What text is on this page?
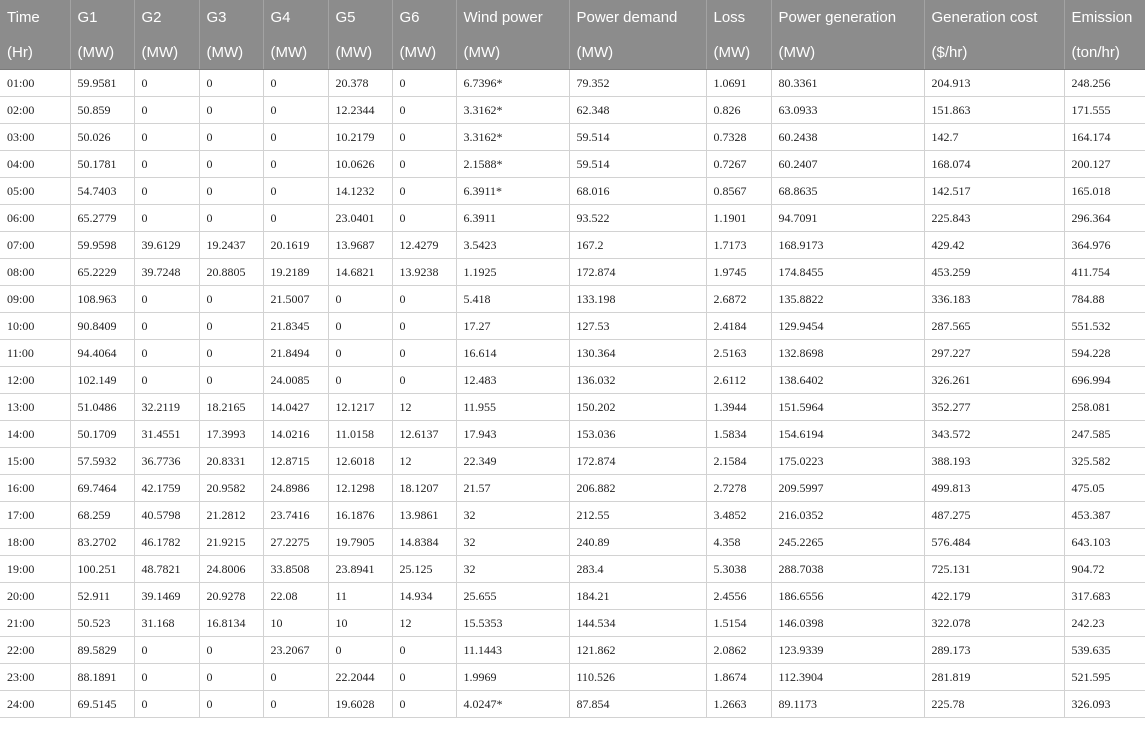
Time	G1	G2	G3	G4	G5	G6	Wind power	Power demand	Loss	Power generation	Generation cost	Emission
(Hr)	(MW)	(MW)	(MW)	(MW)	(MW)	(MW)	(MW)	(MW)	(MW)	(MW)	($/hr)	(ton/hr)
01:00	59.9581	0	0	0	20.378	0	6.7396*	79.352	1.0691	80.3361	204.913	248.256
02:00	50.859	0	0	0	12.2344	0	3.3162*	62.348	0.826	63.0933	151.863	171.555
03:00	50.026	0	0	0	10.2179	0	3.3162*	59.514	0.7328	60.2438	142.7	164.174
04:00	50.1781	0	0	0	10.0626	0	2.1588*	59.514	0.7267	60.2407	168.074	200.127
05:00	54.7403	0	0	0	14.1232	0	6.3911*	68.016	0.8567	68.8635	142.517	165.018
06:00	65.2779	0	0	0	23.0401	0	6.3911	93.522	1.1901	94.7091	225.843	296.364
07:00	59.9598	39.6129	19.2437	20.1619	13.9687	12.4279	3.5423	167.2	1.7173	168.9173	429.42	364.976
08:00	65.2229	39.7248	20.8805	19.2189	14.6821	13.9238	1.1925	172.874	1.9745	174.8455	453.259	411.754
09:00	108.963	0	0	21.5007	0	0	5.418	133.198	2.6872	135.8822	336.183	784.88
10:00	90.8409	0	0	21.8345	0	0	17.27	127.53	2.4184	129.9454	287.565	551.532
11:00	94.4064	0	0	21.8494	0	0	16.614	130.364	2.5163	132.8698	297.227	594.228
12:00	102.149	0	0	24.0085	0	0	12.483	136.032	2.6112	138.6402	326.261	696.994
13:00	51.0486	32.2119	18.2165	14.0427	12.1217	12	11.955	150.202	1.3944	151.5964	352.277	258.081
14:00	50.1709	31.4551	17.3993	14.0216	11.0158	12.6137	17.943	153.036	1.5834	154.6194	343.572	247.585
15:00	57.5932	36.7736	20.8331	12.8715	12.6018	12	22.349	172.874	2.1584	175.0223	388.193	325.582
16:00	69.7464	42.1759	20.9582	24.8986	12.1298	18.1207	21.57	206.882	2.7278	209.5997	499.813	475.05
17:00	68.259	40.5798	21.2812	23.7416	16.1876	13.9861	32	212.55	3.4852	216.0352	487.275	453.387
18:00	83.2702	46.1782	21.9215	27.2275	19.7905	14.8384	32	240.89	4.358	245.2265	576.484	643.103
19:00	100.251	48.7821	24.8006	33.8508	23.8941	25.125	32	283.4	5.3038	288.7038	725.131	904.72
20:00	52.911	39.1469	20.9278	22.08	11	14.934	25.655	184.21	2.4556	186.6556	422.179	317.683
21:00	50.523	31.168	16.8134	10	10	12	15.5353	144.534	1.5154	146.0398	322.078	242.23
22:00	89.5829	0	0	23.2067	0	0	11.1443	121.862	2.0862	123.9339	289.173	539.635
23:00	88.1891	0	0	0	22.2044	0	1.9969	110.526	1.8674	112.3904	281.819	521.595
24:00	69.5145	0	0	0	19.6028	0	4.0247*	87.854	1.2663	89.1173	225.78	326.093
